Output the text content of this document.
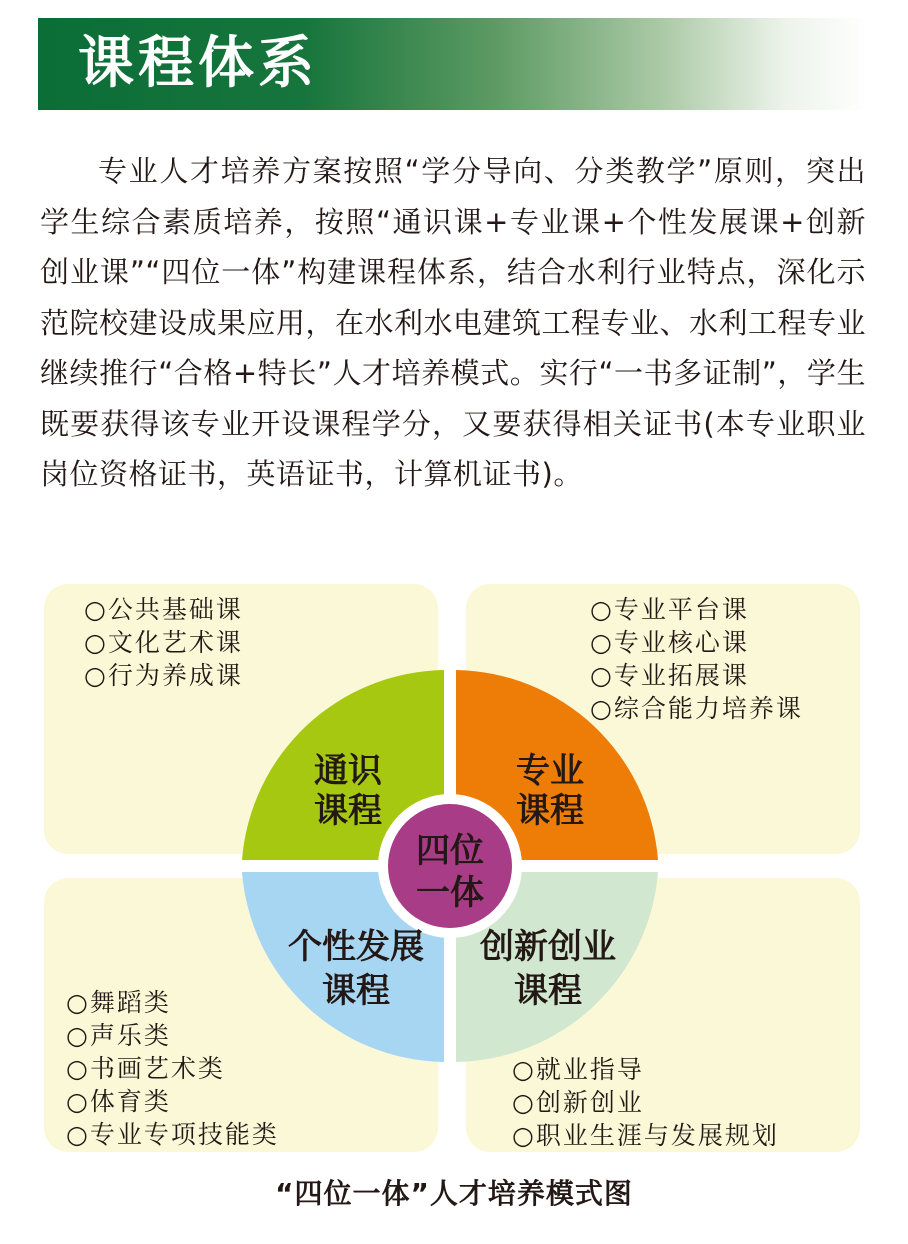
课程体系
专业人才培养方案按照“学分导向、分类教学”原则，突出学生综合素质培养，按照“通识课+专业课+个性发展课+创新创业课”“四位一体”构建课程体系，结合水利行业特点，深化示范院校建设成果应用，在水利水电建筑工程专业、水利工程专业继续推行“合格+特长”人才培养模式。实行“一书多证制”，学生既要获得该专业开设课程学分，又要获得相关证书(本专业职业岗位资格证书，英语证书，计算机证书)。
四位
一体
通识
课程
专业
课程
个性发展
课程
创新创业
课程
○公共基础课
○文化艺术课
○行为养成课
○专业平台课
○专业核心课
○专业拓展课
○综合能力培养课
○舞蹈类
○声乐类
○书画艺术类
○体育类
○专业专项技能类
○就业指导
○创新创业
○职业生涯与发展规划
“四位一体”人才培养模式图
